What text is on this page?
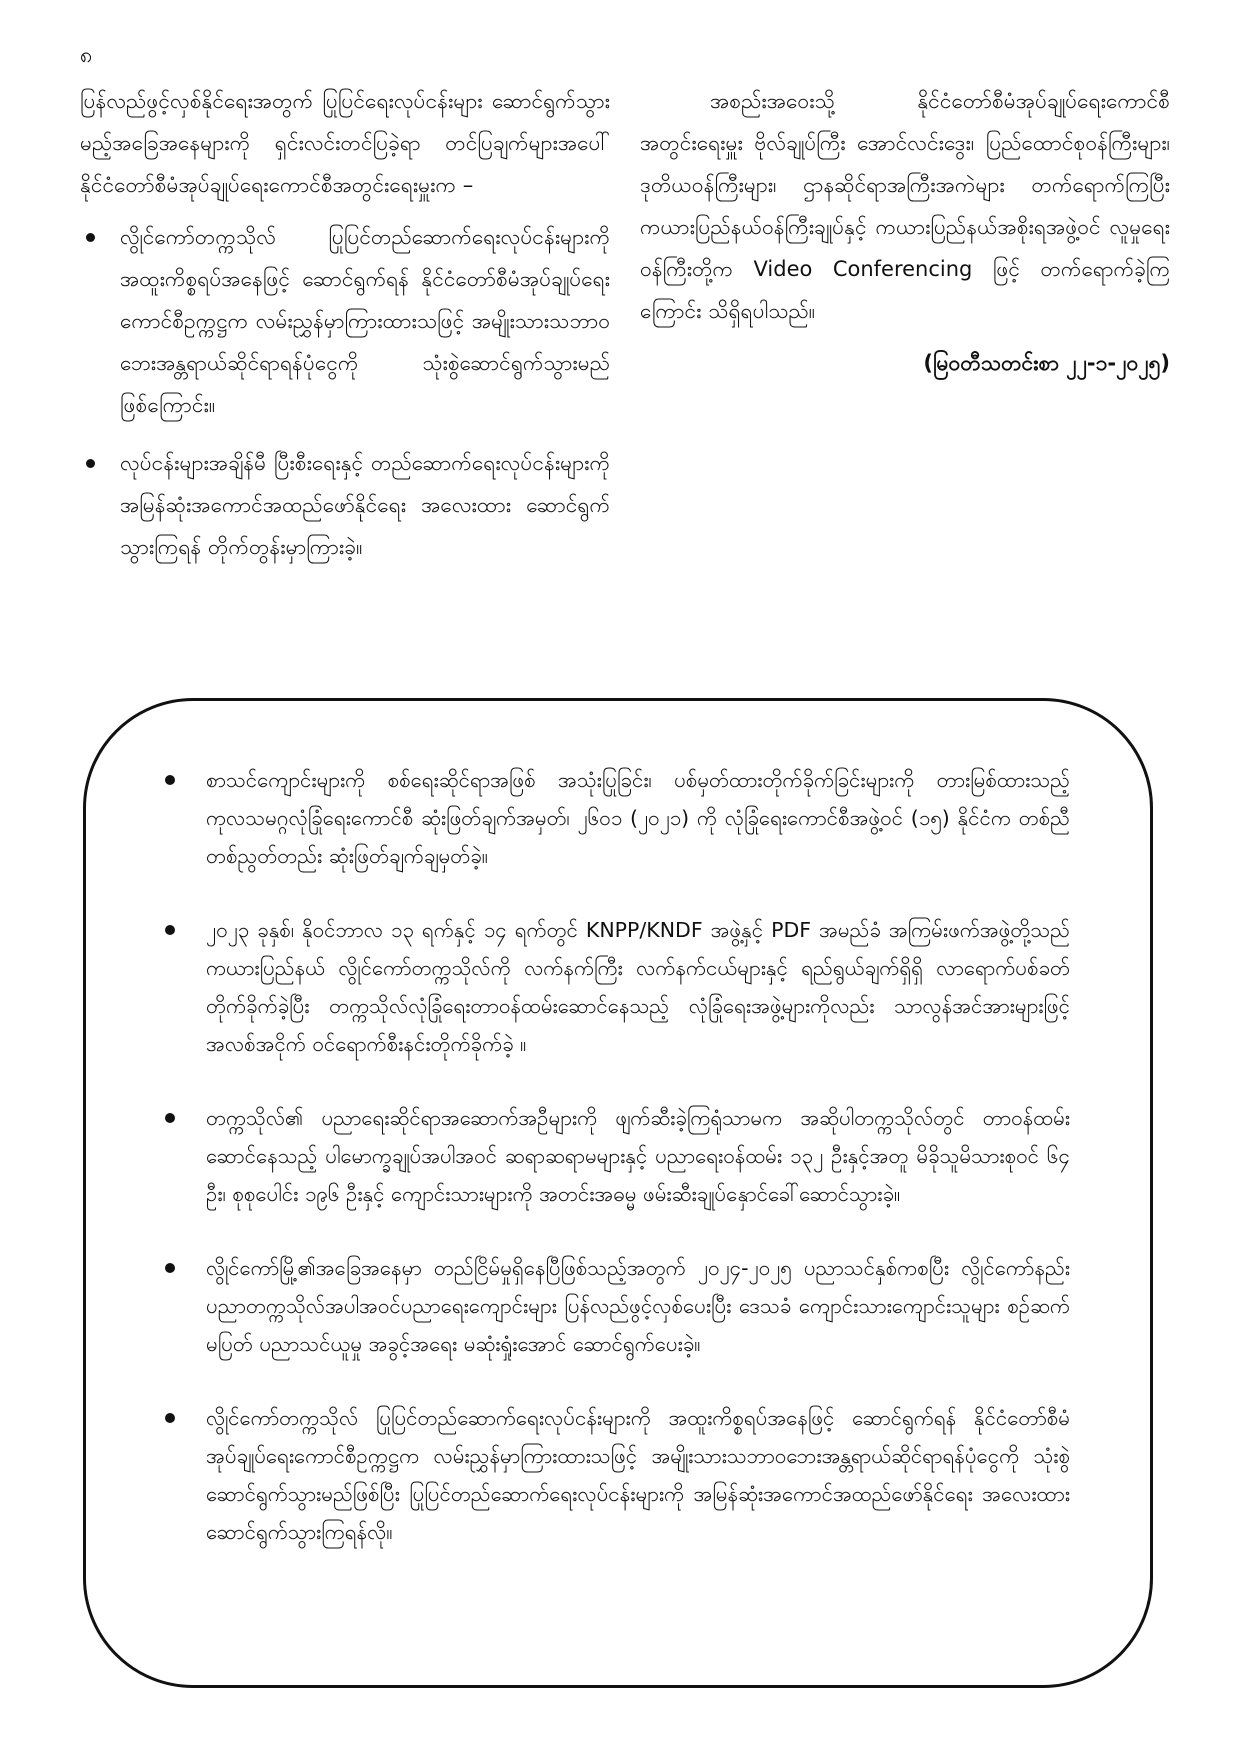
၈

ပြန်လည်ဖွင့်လှစ်နိုင်ရေးအတွက် ပြုပြင်ရေးလုပ်ငန်းများ ဆောင်ရွက်သွားမည့်အခြေအနေများကို ရှင်းလင်းတင်ပြခဲ့ရာ တင်ပြချက်များအပေါ် နိုင်ငံတော်စီမံအုပ်ချုပ်ရေးကောင်စီအတွင်းရေးမှူးက –

လွိုင်ကော်တက္ကသိုလ် ပြုပြင်တည်ဆောက်ရေးလုပ်ငန်းများကို အထူးကိစ္စရပ်အနေဖြင့် ဆောင်ရွက်ရန် နိုင်ငံတော်စီမံအုပ်ချုပ်ရေးကောင်စီဥက္ကဋ္ဌက လမ်းညွှန်မှာကြားထားသဖြင့် အမျိုးသားသဘာဝဘေးအန္တရာယ်ဆိုင်ရာရန်ပုံငွေကို သုံးစွဲဆောင်ရွက်သွားမည်ဖြစ်ကြောင်း။
လုပ်ငန်းများအချိန်မီ ပြီးစီးရေးနှင့် တည်ဆောက်ရေးလုပ်ငန်းများကို အမြန်ဆုံးအကောင်အထည်ဖော်နိုင်ရေး အလေးထား ဆောင်ရွက်သွားကြရန် တိုက်တွန်းမှာကြားခဲ့။

အစည်းအဝေးသို့ နိုင်ငံတော်စီမံအုပ်ချုပ်ရေးကောင်စီ အတွင်းရေးမှူး ဗိုလ်ချုပ်ကြီး အောင်လင်းဒွေး၊ ပြည်ထောင်စုဝန်ကြီးများ၊ ဒုတိယဝန်ကြီးများ၊ ဌာနဆိုင်ရာအကြီးအကဲများ တက်ရောက်ကြပြီး ကယားပြည်နယ်ဝန်ကြီးချုပ်နှင့် ကယားပြည်နယ်အစိုးရအဖွဲ့ဝင် လူမှုရေးဝန်ကြီးတို့က Video Conferencing ဖြင့် တက်ရောက်ခဲ့ကြကြောင်း သိရှိရပါသည်။

(မြဝတီသတင်းစာ ၂၂-၁-၂၀၂၅)
စာသင်ကျောင်းများကို စစ်ရေးဆိုင်ရာအဖြစ် အသုံးပြုခြင်း၊ ပစ်မှတ်ထားတိုက်ခိုက်ခြင်းများကို တားမြစ်ထားသည့် ကုလသမဂ္ဂလုံခြုံရေးကောင်စီ ဆုံးဖြတ်ချက်အမှတ်၊ ၂၆၀၁ (၂၀၂၁) ကို လုံခြုံရေးကောင်စီအဖွဲ့ဝင် (၁၅) နိုင်ငံက တစ်ညီတစ်ညွတ်တည်း ဆုံးဖြတ်ချက်ချမှတ်ခဲ့။
၂၀၂၃ ခုနှစ်၊ နိုဝင်ဘာလ ၁၃ ရက်နှင့် ၁၄ ရက်တွင် KNPP/KNDF အဖွဲ့နှင့် PDF အမည်ခံ အကြမ်းဖက်အဖွဲ့တို့သည် ကယားပြည်နယ် လွိုင်ကော်တက္ကသိုလ်ကို လက်နက်ကြီး လက်နက်ငယ်များနှင့် ရည်ရွယ်ချက်ရှိရှိ လာရောက်ပစ်ခတ်တိုက်ခိုက်ခဲ့ပြီး တက္ကသိုလ်လုံခြုံရေးတာဝန်ထမ်းဆောင်နေသည့် လုံခြုံရေးအဖွဲ့များကိုလည်း သာလွန်အင်အားများဖြင့် အလစ်အငိုက် ဝင်ရောက်စီးနင်းတိုက်ခိုက်ခဲ့ ။
တက္ကသိုလ်၏ ပညာရေးဆိုင်ရာအဆောက်အဦများကို ဖျက်ဆီးခဲ့ကြရုံသာမက အဆိုပါတက္ကသိုလ်တွင် တာဝန်ထမ်းဆောင်နေသည့် ပါမောက္ခချုပ်အပါအဝင် ဆရာဆရာမများနှင့် ပညာရေးဝန်ထမ်း ၁၃၂ ဦးနှင့်အတူ မိခိုသူမိသားစုဝင် ၆၄ ဦး၊ စုစုပေါင်း ၁၉၆ ဦးနှင့် ကျောင်းသားများကို အတင်းအဓမ္မ ဖမ်းဆီးချုပ်နှောင်ခေါ်ဆောင်သွားခဲ့။
လွိုင်ကော်မြို့၏အခြေအနေမှာ တည်ငြိမ်မှုရှိနေပြီဖြစ်သည့်အတွက် ၂၀၂၄-၂၀၂၅ ပညာသင်နှစ်ကစပြီး လွိုင်ကော်နည်းပညာတက္ကသိုလ်အပါအဝင်ပညာရေးကျောင်းများ ပြန်လည်ဖွင့်လှစ်ပေးပြီး ဒေသခံ ကျောင်းသားကျောင်းသူများ စဉ်ဆက်မပြတ် ပညာသင်ယူမှု အခွင့်အရေး မဆုံးရှုံးအောင် ဆောင်ရွက်ပေးခဲ့။
လွိုင်ကော်တက္ကသိုလ် ပြုပြင်တည်ဆောက်ရေးလုပ်ငန်းများကို အထူးကိစ္စရပ်အနေဖြင့် ဆောင်ရွက်ရန် နိုင်ငံတော်စီမံအုပ်ချုပ်ရေးကောင်စီဥက္ကဋ္ဌက လမ်းညွှန်မှာကြားထားသဖြင့် အမျိုးသားသဘာဝဘေးအန္တရာယ်ဆိုင်ရာရန်ပုံငွေကို သုံးစွဲဆောင်ရွက်သွားမည်ဖြစ်ပြီး ပြုပြင်တည်ဆောက်ရေးလုပ်ငန်းများကို အမြန်ဆုံးအကောင်အထည်ဖော်နိုင်ရေး အလေးထားဆောင်ရွက်သွားကြရန်လို။
